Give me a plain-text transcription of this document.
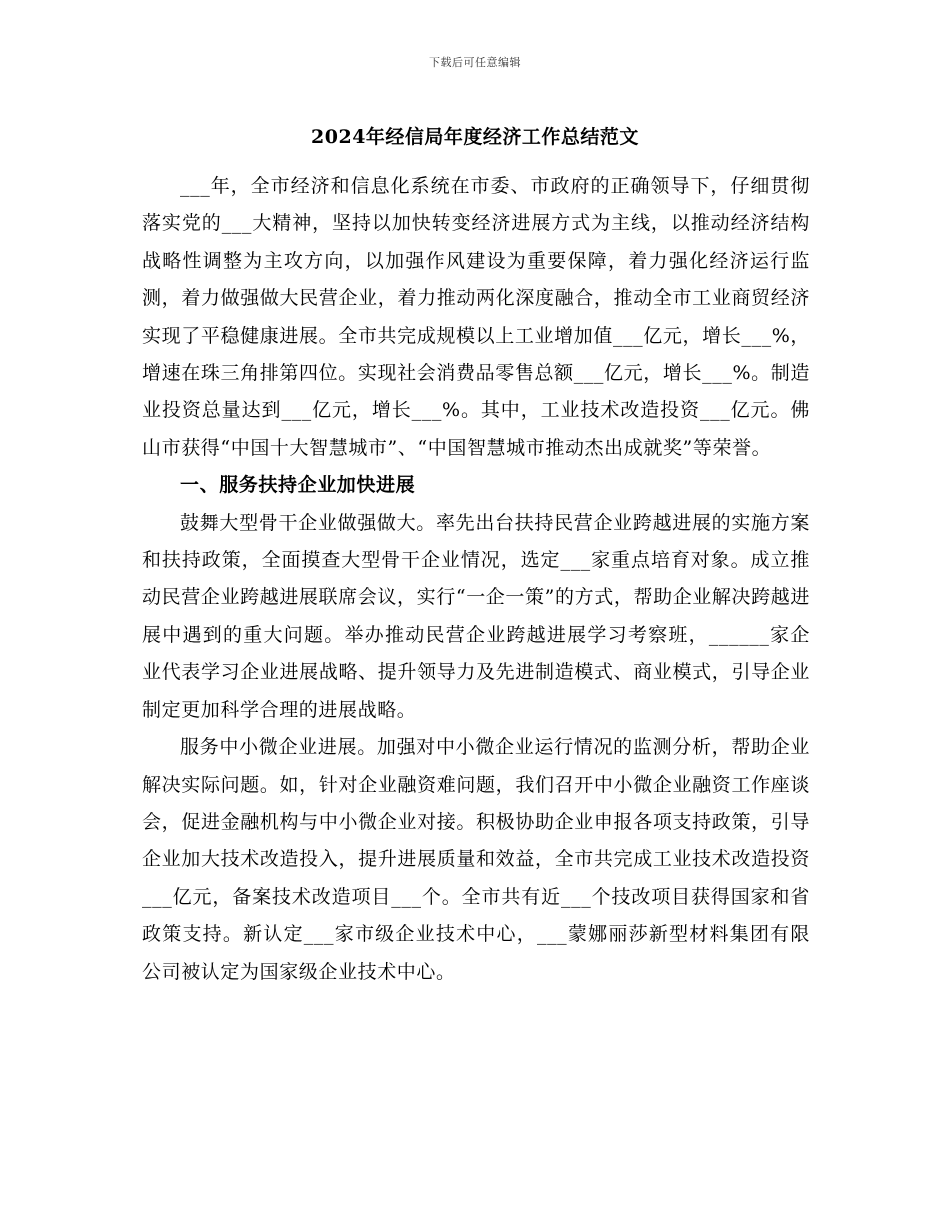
下载后可任意编辑
2024年经信局年度经济工作总结范文

___年，全市经济和信息化系统在市委、市政府的正确领导下，仔细贯彻落实党的___大精神，坚持以加快转变经济进展方式为主线，以推动经济结构战略性调整为主攻方向，以加强作风建设为重要保障，着力强化经济运行监测，着力做强做大民营企业，着力推动两化深度融合，推动全市工业商贸经济实现了平稳健康进展。全市共完成规模以上工业增加值___亿元，增长___%，增速在珠三角排第四位。实现社会消费品零售总额___亿元，增长___%。制造业投资总量达到___亿元，增长___%。其中，工业技术改造投资___亿元。佛山市获得“中国十大智慧城市”、“中国智慧城市推动杰出成就奖”等荣誉。

一、服务扶持企业加快进展

鼓舞大型骨干企业做强做大。率先出台扶持民营企业跨越进展的实施方案和扶持政策，全面摸查大型骨干企业情况，选定___家重点培育对象。成立推动民营企业跨越进展联席会议，实行“一企一策”的方式，帮助企业解决跨越进展中遇到的重大问题。举办推动民营企业跨越进展学习考察班，______家企业代表学习企业进展战略、提升领导力及先进制造模式、商业模式，引导企业制定更加科学合理的进展战略。

服务中小微企业进展。加强对中小微企业运行情况的监测分析，帮助企业解决实际问题。如，针对企业融资难问题，我们召开中小微企业融资工作座谈会，促进金融机构与中小微企业对接。积极协助企业申报各项支持政策，引导企业加大技术改造投入，提升进展质量和效益，全市共完成工业技术改造投资___亿元，备案技术改造项目___个。全市共有近___个技改项目获得国家和省政策支持。新认定___家市级企业技术中心，___蒙娜丽莎新型材料集团有限公司被认定为国家级企业技术中心。
